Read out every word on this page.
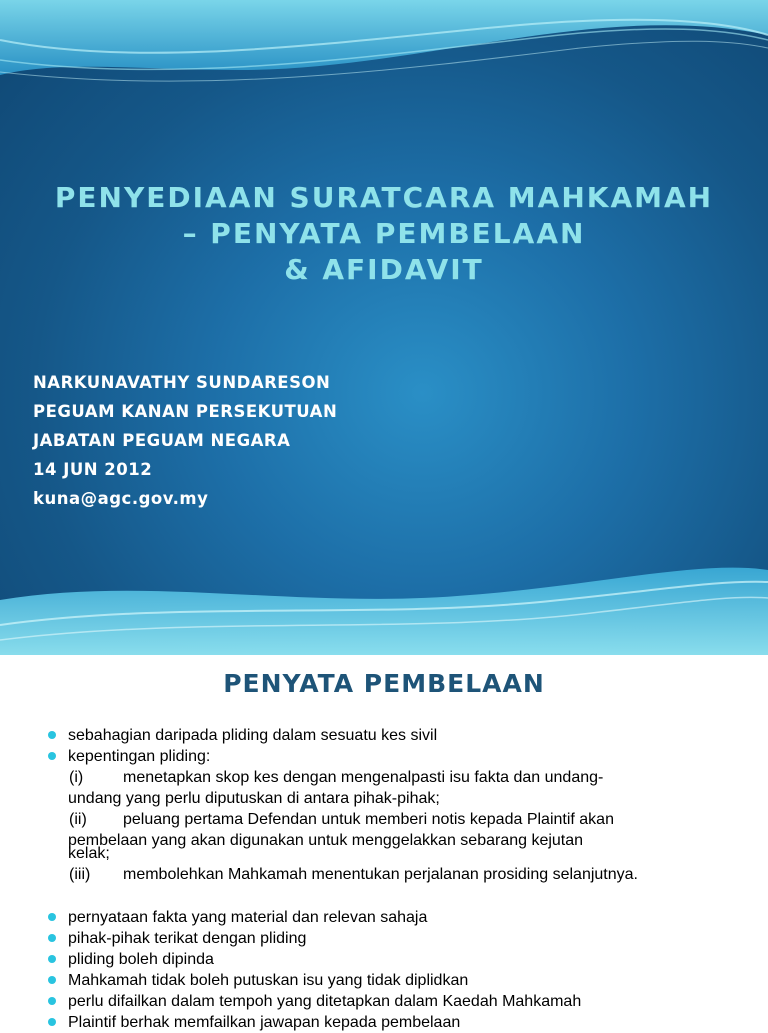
PENYEDIAAN SURATCARA MAHKAMAH
– PENYATA PEMBELAAN
& AFIDAVIT
NARKUNAVATHY SUNDARESON
PEGUAM KANAN PERSEKUTUAN
JABATAN PEGUAM NEGARA
14 JUN 2012
kuna@agc.gov.my
PENYATA PEMBELAAN
sebahagian daripada pliding dalam sesuatu kes sivil
kepentingan pliding:
(i) menetapkan skop kes dengan mengenalpasti isu fakta dan undang-
undang yang perlu diputuskan di antara pihak-pihak;
(ii) peluang pertama Defendan untuk memberi notis kepada Plaintif akan
pembelaan yang akan digunakan untuk menggelakkan sebarang kejutan
kelak;
(iii) membolehkan Mahkamah menentukan perjalanan prosiding selanjutnya.
pernyataan fakta yang material dan relevan sahaja
pihak-pihak terikat dengan pliding
pliding boleh dipinda
Mahkamah tidak boleh putuskan isu yang tidak diplidkan
perlu difailkan dalam tempoh yang ditetapkan dalam Kaedah Mahkamah
Plaintif berhak memfailkan jawapan kepada pembelaan
